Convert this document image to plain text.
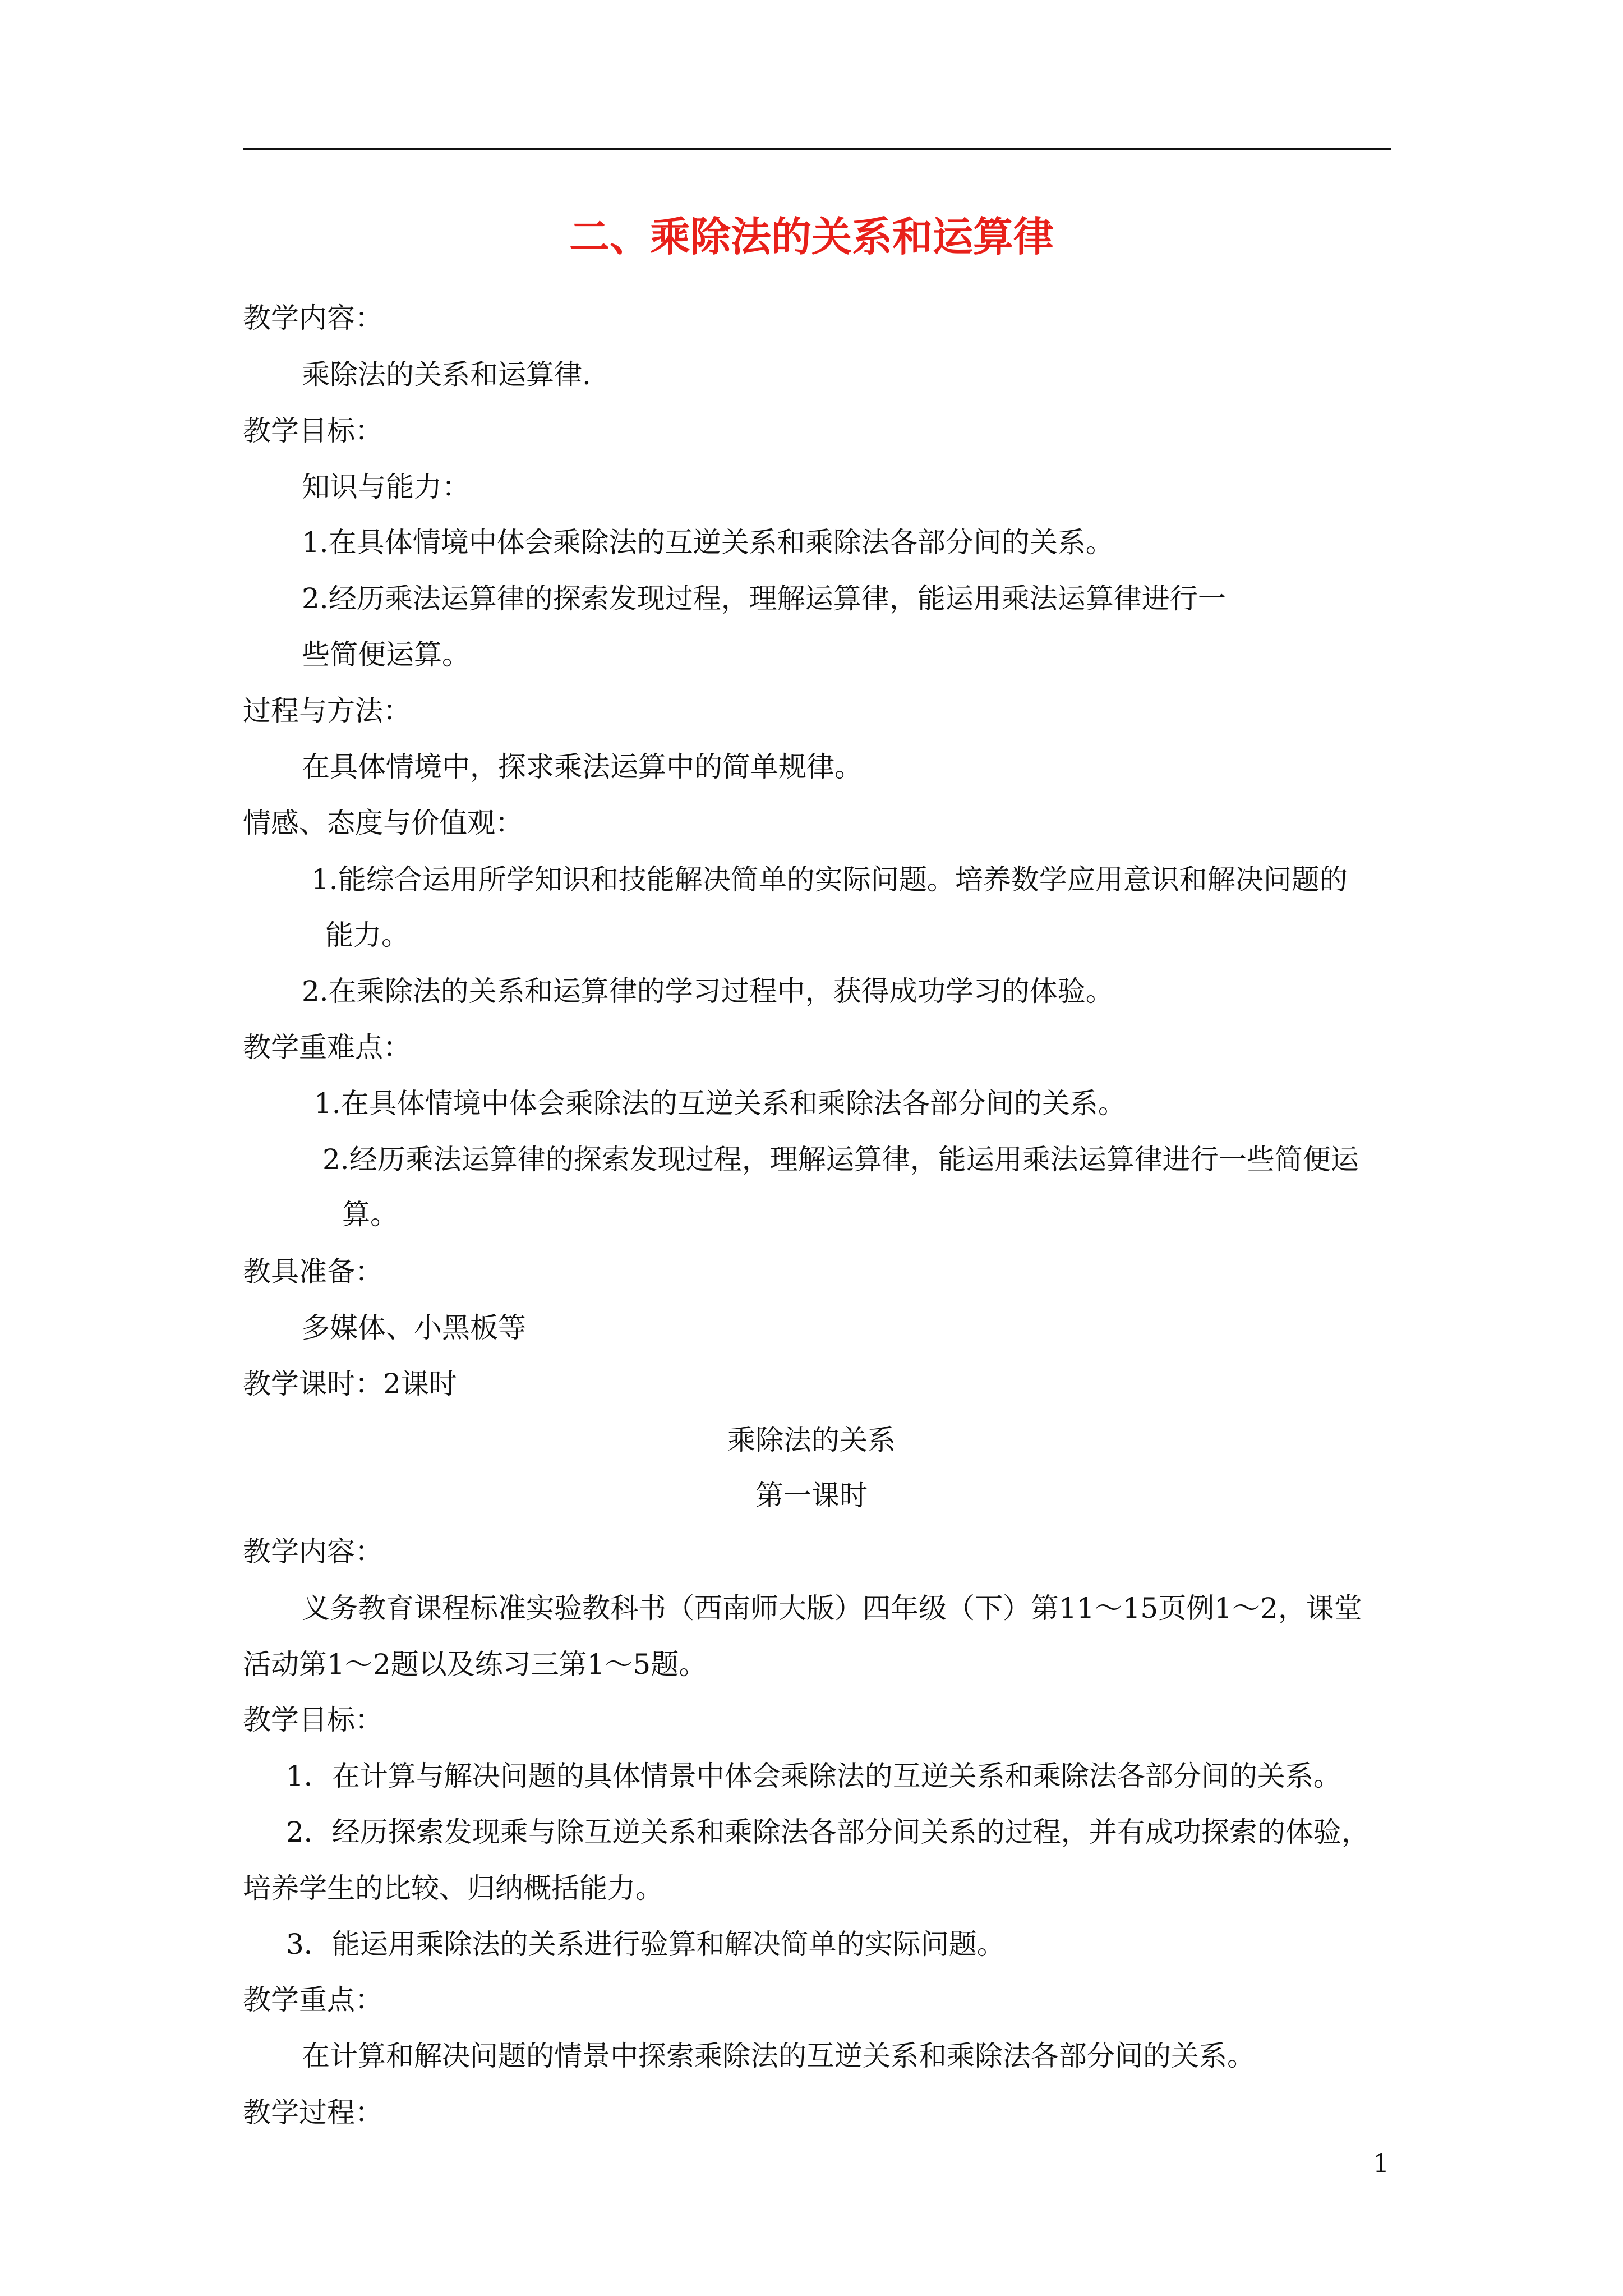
二、乘除法的关系和运算律
教学内容：
乘除法的关系和运算律.
教学目标：
知识与能力：
1.在具体情境中体会乘除法的互逆关系和乘除法各部分间的关系。
2.经历乘法运算律的探索发现过程，理解运算律，能运用乘法运算律进行一
些简便运算。
过程与方法：
在具体情境中，探求乘法运算中的简单规律。
情感、态度与价值观：
1.能综合运用所学知识和技能解决简单的实际问题。培养数学应用意识和解决问题的
能力。
2.在乘除法的关系和运算律的学习过程中，获得成功学习的体验。
教学重难点：
1.在具体情境中体会乘除法的互逆关系和乘除法各部分间的关系。
2.经历乘法运算律的探索发现过程，理解运算律，能运用乘法运算律进行一些简便运
算。
教具准备：
多媒体、小黑板等
教学课时：2课时
乘除法的关系
第一课时
教学内容：
义务教育课程标准实验教科书（西南师大版）四年级（下）第11～15页例1～2，课堂
活动第1～2题以及练习三第1～5题。
教学目标：
1．在计算与解决问题的具体情景中体会乘除法的互逆关系和乘除法各部分间的关系。
2．经历探索发现乘与除互逆关系和乘除法各部分间关系的过程，并有成功探索的体验，
培养学生的比较、归纳概括能力。
3．能运用乘除法的关系进行验算和解决简单的实际问题。
教学重点：
在计算和解决问题的情景中探索乘除法的互逆关系和乘除法各部分间的关系。
教学过程：
1
